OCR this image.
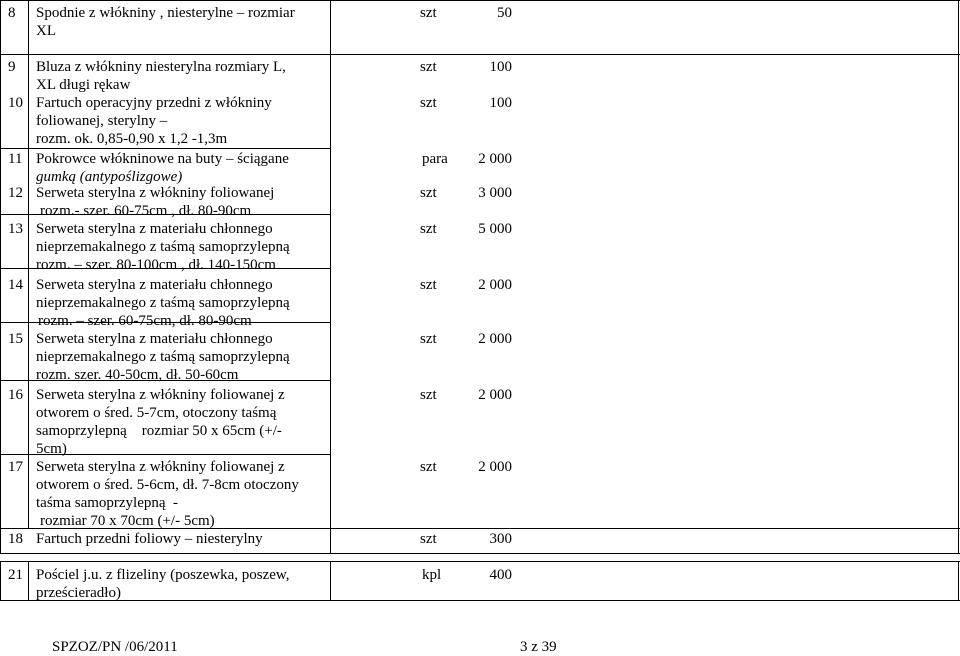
8 Spodnie z włókniny , niesterylne – rozmiar
XL
szt	50
9 Bluza z włókniny niesterylna rozmiary L,
XL długi rękaw
szt	100
10 Fartuch operacyjny przedni z włókniny
foliowanej, sterylny –
rozm. ok. 0,85-0,90 x 1,2 -1,3m
szt	100
11 Pokrowce włókninowe na buty – ściągane
gumką (antypoślizgowe)
para	2 000
12 Serweta sterylna z włókniny foliowanej
rozm.- szer. 60-75cm , dł. 80-90cm
szt	3 000
13 Serweta sterylna z materiału chłonnego
nieprzemakalnego z taśmą samoprzylepną
rozm. – szer. 80-100cm , dł. 140-150cm
szt	5 000
14 Serweta sterylna z materiału chłonnego
nieprzemakalnego z taśmą samoprzylepną
rozm. – szer. 60-75cm, dł. 80-90cm
szt	2 000
15 Serweta sterylna z materiału chłonnego
nieprzemakalnego z taśmą samoprzylepną
rozm. szer. 40-50cm, dł. 50-60cm
szt	2 000
16 Serweta sterylna z włókniny foliowanej z
otworem o śred. 5-7cm, otoczony taśmą
samoprzylepną    rozmiar 50 x 65cm (+/-
5cm)
szt	2 000
17 Serweta sterylna z włókniny foliowanej z
otworem o śred. 5-6cm, dł. 7-8cm otoczony
taśma samoprzylepną  -
rozmiar 70 x 70cm (+/- 5cm)
szt	2 000
18 Fartuch przedni foliowy – niesterylny	szt	300
21 Pościel j.u. z flizeliny (poszewka, poszew,
prześcieradło)
kpl	400
SPZOZ/PN /06/2011	3 z 39
